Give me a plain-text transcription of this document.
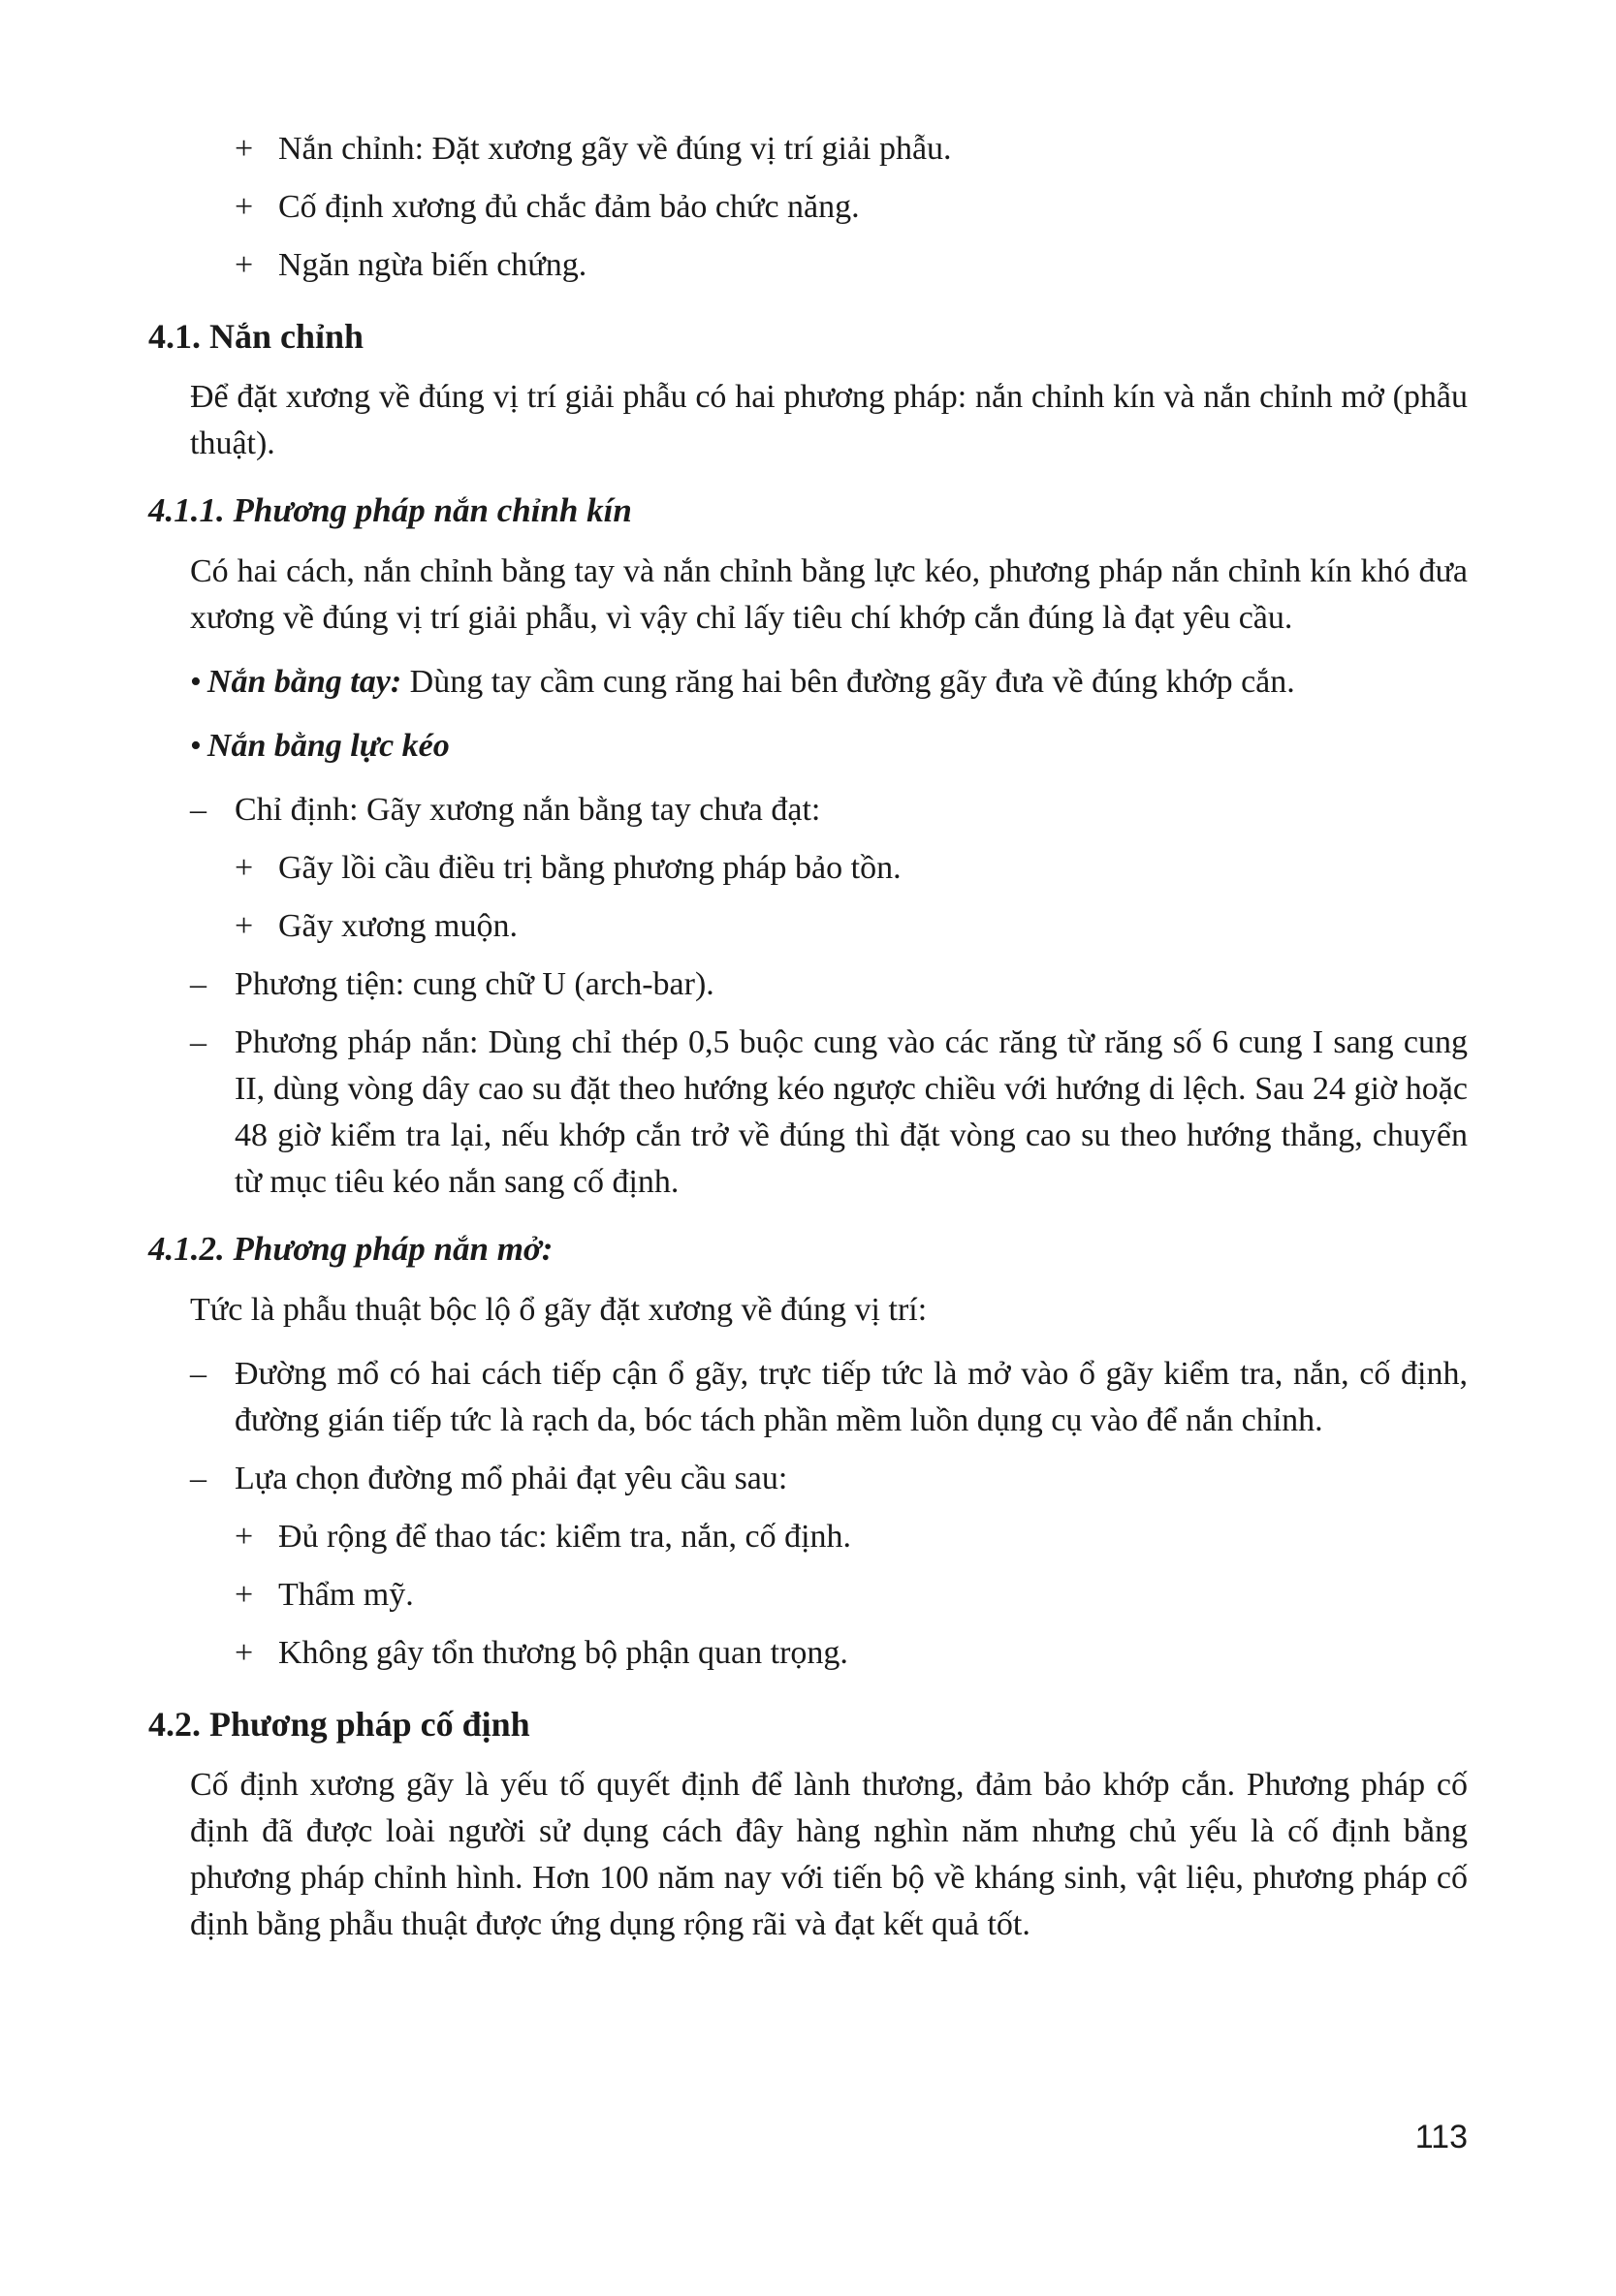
+ Nắn chỉnh: Đặt xương gãy về đúng vị trí giải phẫu.
+ Cố định xương đủ chắc đảm bảo chức năng.
+ Ngăn ngừa biến chứng.
4.1. Nắn chỉnh

Để đặt xương về đúng vị trí giải phẫu có hai phương pháp: nắn chỉnh kín và nắn chỉnh mở (phẫu thuật).

4.1.1. Phương pháp nắn chỉnh kín

Có hai cách, nắn chỉnh bằng tay và nắn chỉnh bằng lực kéo, phương pháp nắn chỉnh kín khó đưa xương về đúng vị trí giải phẫu, vì vậy chỉ lấy tiêu chí khớp cắn đúng là đạt yêu cầu.

• Nắn bằng tay: Dùng tay cầm cung răng hai bên đường gãy đưa về đúng khớp cắn.
• Nắn bằng lực kéo
– Chỉ định: Gãy xương nắn bằng tay chưa đạt:
+ Gãy lồi cầu điều trị bằng phương pháp bảo tồn.
+ Gãy xương muộn.
– Phương tiện: cung chữ U (arch-bar).
– Phương pháp nắn: Dùng chỉ thép 0,5 buộc cung vào các răng từ răng số 6 cung I sang cung II, dùng vòng dây cao su đặt theo hướng kéo ngược chiều với hướng di lệch. Sau 24 giờ hoặc 48 giờ kiểm tra lại, nếu khớp cắn trở về đúng thì đặt vòng cao su theo hướng thẳng, chuyển từ mục tiêu kéo nắn sang cố định.
4.1.2. Phương pháp nắn mở:

Tức là phẫu thuật bộc lộ ổ gãy đặt xương về đúng vị trí:

– Đường mổ có hai cách tiếp cận ổ gãy, trực tiếp tức là mở vào ổ gãy kiểm tra, nắn, cố định, đường gián tiếp tức là rạch da, bóc tách phần mềm luồn dụng cụ vào để nắn chỉnh.
– Lựa chọn đường mổ phải đạt yêu cầu sau:
+ Đủ rộng để thao tác: kiểm tra, nắn, cố định.
+ Thẩm mỹ.
+ Không gây tổn thương bộ phận quan trọng.
4.2. Phương pháp cố định

Cố định xương gãy là yếu tố quyết định để lành thương, đảm bảo khớp cắn. Phương pháp cố định đã được loài người sử dụng cách đây hàng nghìn năm nhưng chủ yếu là cố định bằng phương pháp chỉnh hình. Hơn 100 năm nay với tiến bộ về kháng sinh, vật liệu, phương pháp cố định bằng phẫu thuật được ứng dụng rộng rãi và đạt kết quả tốt.

113
